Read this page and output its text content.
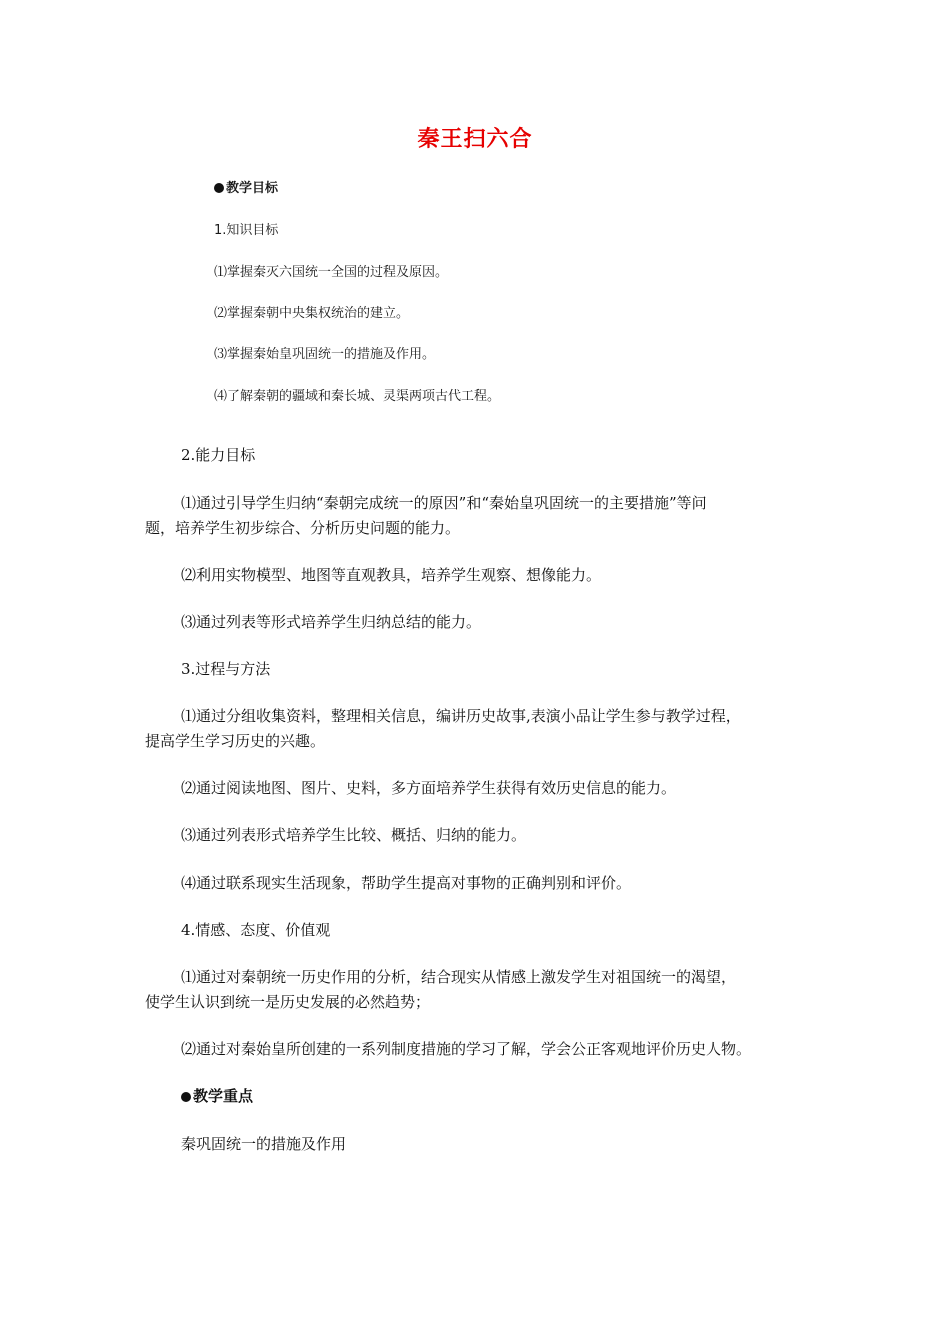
秦王扫六合
教学目标
1.知识目标
⑴掌握秦灭六国统一全国的过程及原因。
⑵掌握秦朝中央集权统治的建立。
⑶掌握秦始皇巩固统一的措施及作用。
⑷了解秦朝的疆域和秦长城、灵渠两项古代工程。
2.能力目标
⑴通过引导学生归纳“秦朝完成统一的原因”和“秦始皇巩固统一的主要措施”等问
题，培养学生初步综合、分析历史问题的能力。
⑵利用实物模型、地图等直观教具，培养学生观察、想像能力。
⑶通过列表等形式培养学生归纳总结的能力。
3.过程与方法
⑴通过分组收集资料，整理相关信息，编讲历史故事,表演小品让学生参与教学过程，
提高学生学习历史的兴趣。
⑵通过阅读地图、图片、史料，多方面培养学生获得有效历史信息的能力。
⑶通过列表形式培养学生比较、概括、归纳的能力。
⑷通过联系现实生活现象，帮助学生提高对事物的正确判别和评价。
4.情感、态度、价值观
⑴通过对秦朝统一历史作用的分析，结合现实从情感上激发学生对祖国统一的渴望，
使学生认识到统一是历史发展的必然趋势；
⑵通过对秦始皇所创建的一系列制度措施的学习了解，学会公正客观地评价历史人物。
教学重点
秦巩固统一的措施及作用
